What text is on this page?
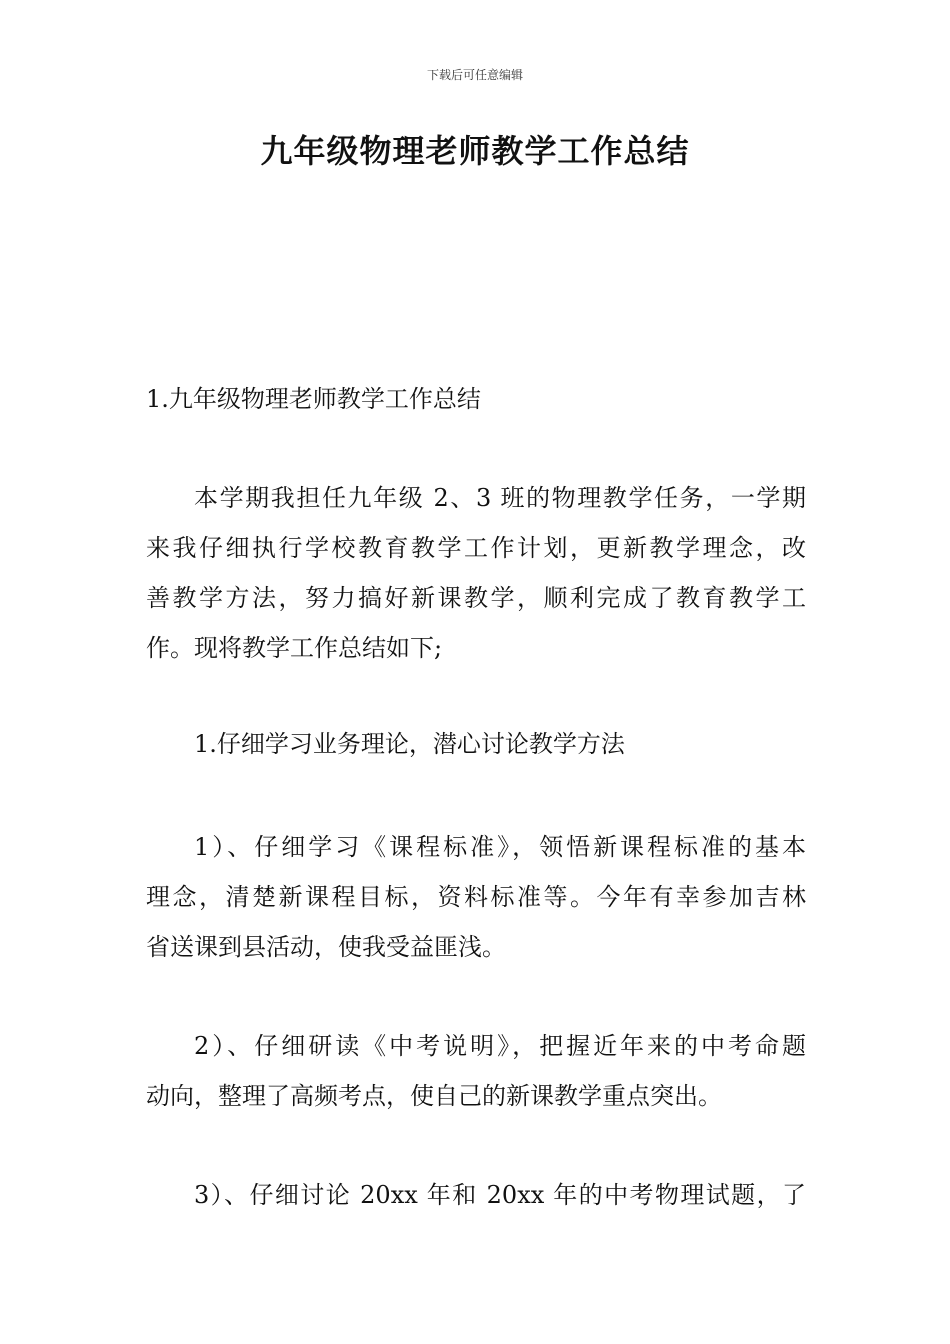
下载后可任意编辑
九年级物理老师教学工作总结
1.九年级物理老师教学工作总结
本学期我担任九年级 2、3 班的物理教学任务，一学期
来我仔细执行学校教育教学工作计划，更新教学理念，改
善教学方法，努力搞好新课教学，顺利完成了教育教学工
作。现将教学工作总结如下;
1.仔细学习业务理论，潜心讨论教学方法
1）、仔细学习《课程标准》，领悟新课程标准的基本
理念，清楚新课程目标，资料标准等。今年有幸参加吉林
省送课到县活动，使我受益匪浅。
2）、仔细研读《中考说明》，把握近年来的中考命题
动向，整理了高频考点，使自己的新课教学重点突出。
3）、仔细讨论 20xx 年和 20xx 年的中考物理试题，了
